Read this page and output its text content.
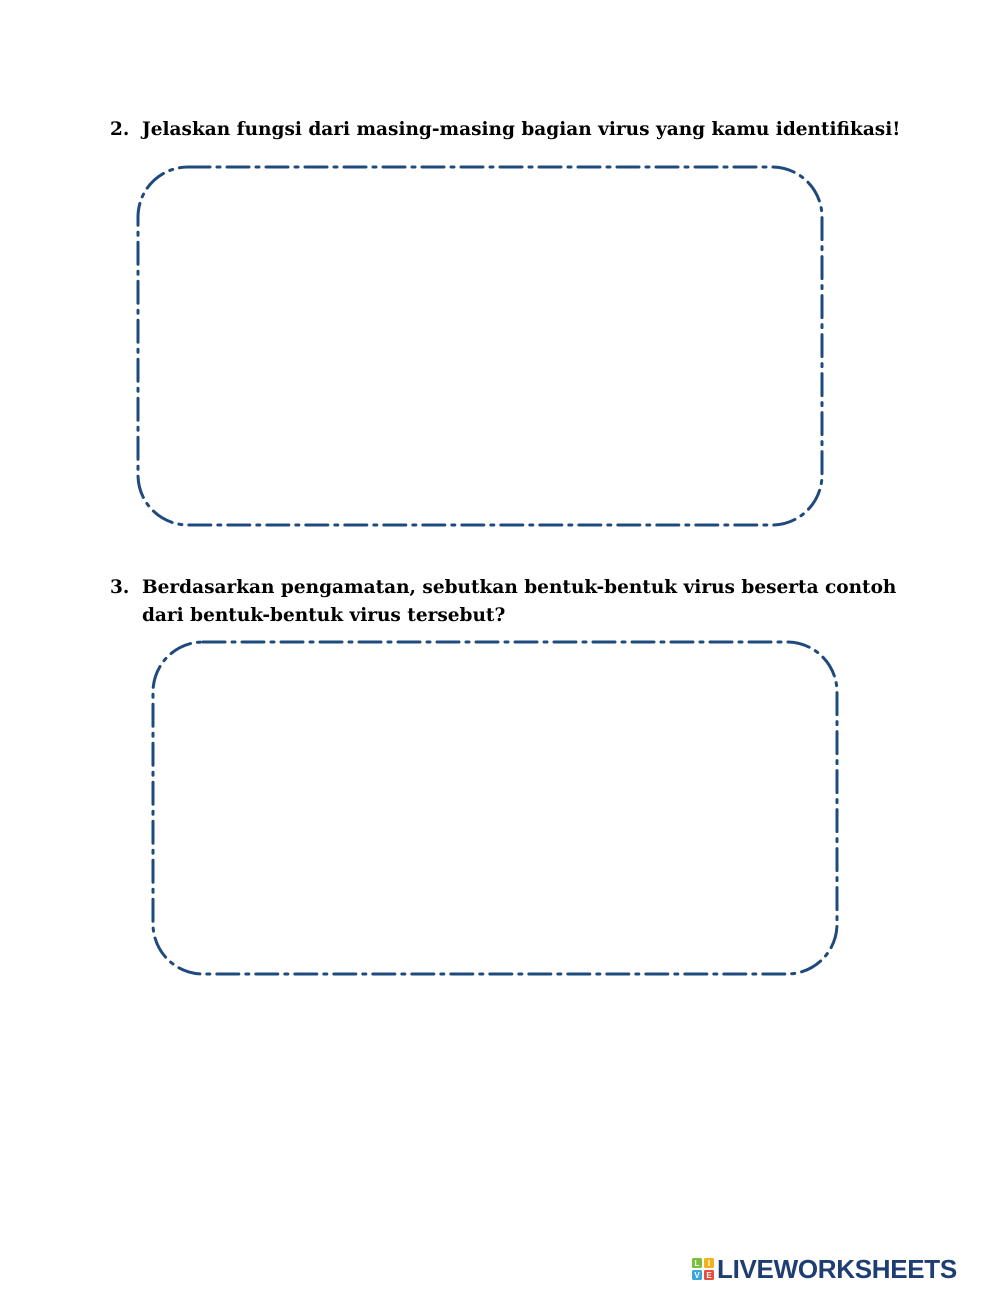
2. Jelaskan fungsi dari masing-masing bagian virus yang kamu identifikasi!
3. Berdasarkan pengamatan, sebutkan bentuk-bentuk virus beserta contoh dari bentuk-bentuk virus tersebut?
L I
V E LIVEWORKSHEETS
